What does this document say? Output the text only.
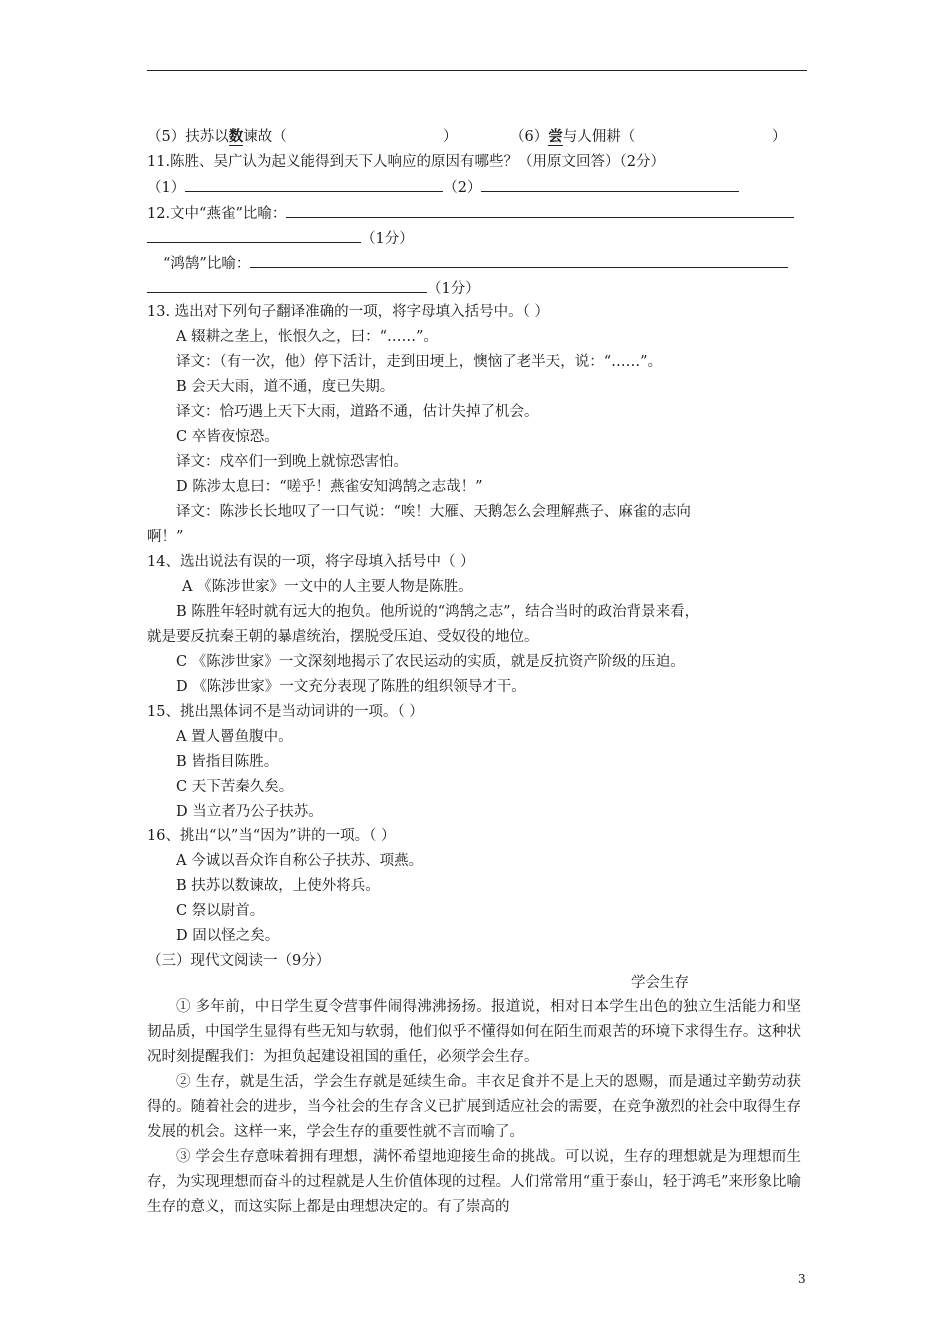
（5）扶苏以数谏故（	）	（6）尝与人佣耕（	）
11.陈胜、吴广认为起义能得到天下人响应的原因有哪些？（用原文回答）（2分）
（1）	（2）
12.文中“燕雀”比喻：
（1分）
“鸿鹄”比喻：
（1分）
13. 选出对下列句子翻译准确的一项，将字母填入括号中。（ ）
A 辍耕之垄上，怅恨久之，曰：“……”。
译文：（有一次，他）停下活计，走到田埂上，懊恼了老半天，说：“……”。
B 会天大雨，道不通，度已失期。
译文：恰巧遇上天下大雨，道路不通，估计失掉了机会。
C 卒皆夜惊恐。
译文：戍卒们一到晚上就惊恐害怕。
D 陈涉太息曰：“嗟乎！燕雀安知鸿鹄之志哉！”
译文：陈涉长长地叹了一口气说：“唉！大雁、天鹅怎么会理解燕子、麻雀的志向
啊！”
14、选出说法有误的一项，将字母填入括号中（ ）
A 《陈涉世家》一文中的人主要人物是陈胜。
B 陈胜年轻时就有远大的抱负。他所说的“鸿鹄之志”，结合当时的政治背景来看，
就是要反抗秦王朝的暴虐统治，摆脱受压迫、受奴役的地位。
C 《陈涉世家》一文深刻地揭示了农民运动的实质，就是反抗资产阶级的压迫。
D 《陈涉世家》一文充分表现了陈胜的组织领导才干。
15、挑出黑体词不是当动词讲的一项。（ ）
A 置人罾鱼腹中。
B 皆指目陈胜。
C 天下苦秦久矣。
D 当立者乃公子扶苏。
16、挑出“以”当“因为”讲的一项。（ ）
A 今诚以吾众诈自称公子扶苏、项燕。
B 扶苏以数谏故，上使外将兵。
C 祭以尉首。
D 固以怪之矣。
（三）现代文阅读一（9分）
学会生存
① 多年前，中日学生夏令营事件闹得沸沸扬扬。报道说，相对日本学生出色的独立生活能力和坚韧品质，中国学生显得有些无知与软弱，他们似乎不懂得如何在陌生而艰苦的环境下求得生存。这种状况时刻提醒我们：为担负起建设祖国的重任，必须学会生存。
② 生存，就是生活，学会生存就是延续生命。丰衣足食并不是上天的恩赐，而是通过辛勤劳动获得的。随着社会的进步，当今社会的生存含义已扩展到适应社会的需要，在竞争激烈的社会中取得生存发展的机会。这样一来，学会生存的重要性就不言而喻了。
③ 学会生存意味着拥有理想，满怀希望地迎接生命的挑战。可以说，生存的理想就是为理想而生存，为实现理想而奋斗的过程就是人生价值体现的过程。人们常常用“重于泰山，轻于鸿毛”来形象比喻生存的意义，而这实际上都是由理想决定的。有了崇高的
3
